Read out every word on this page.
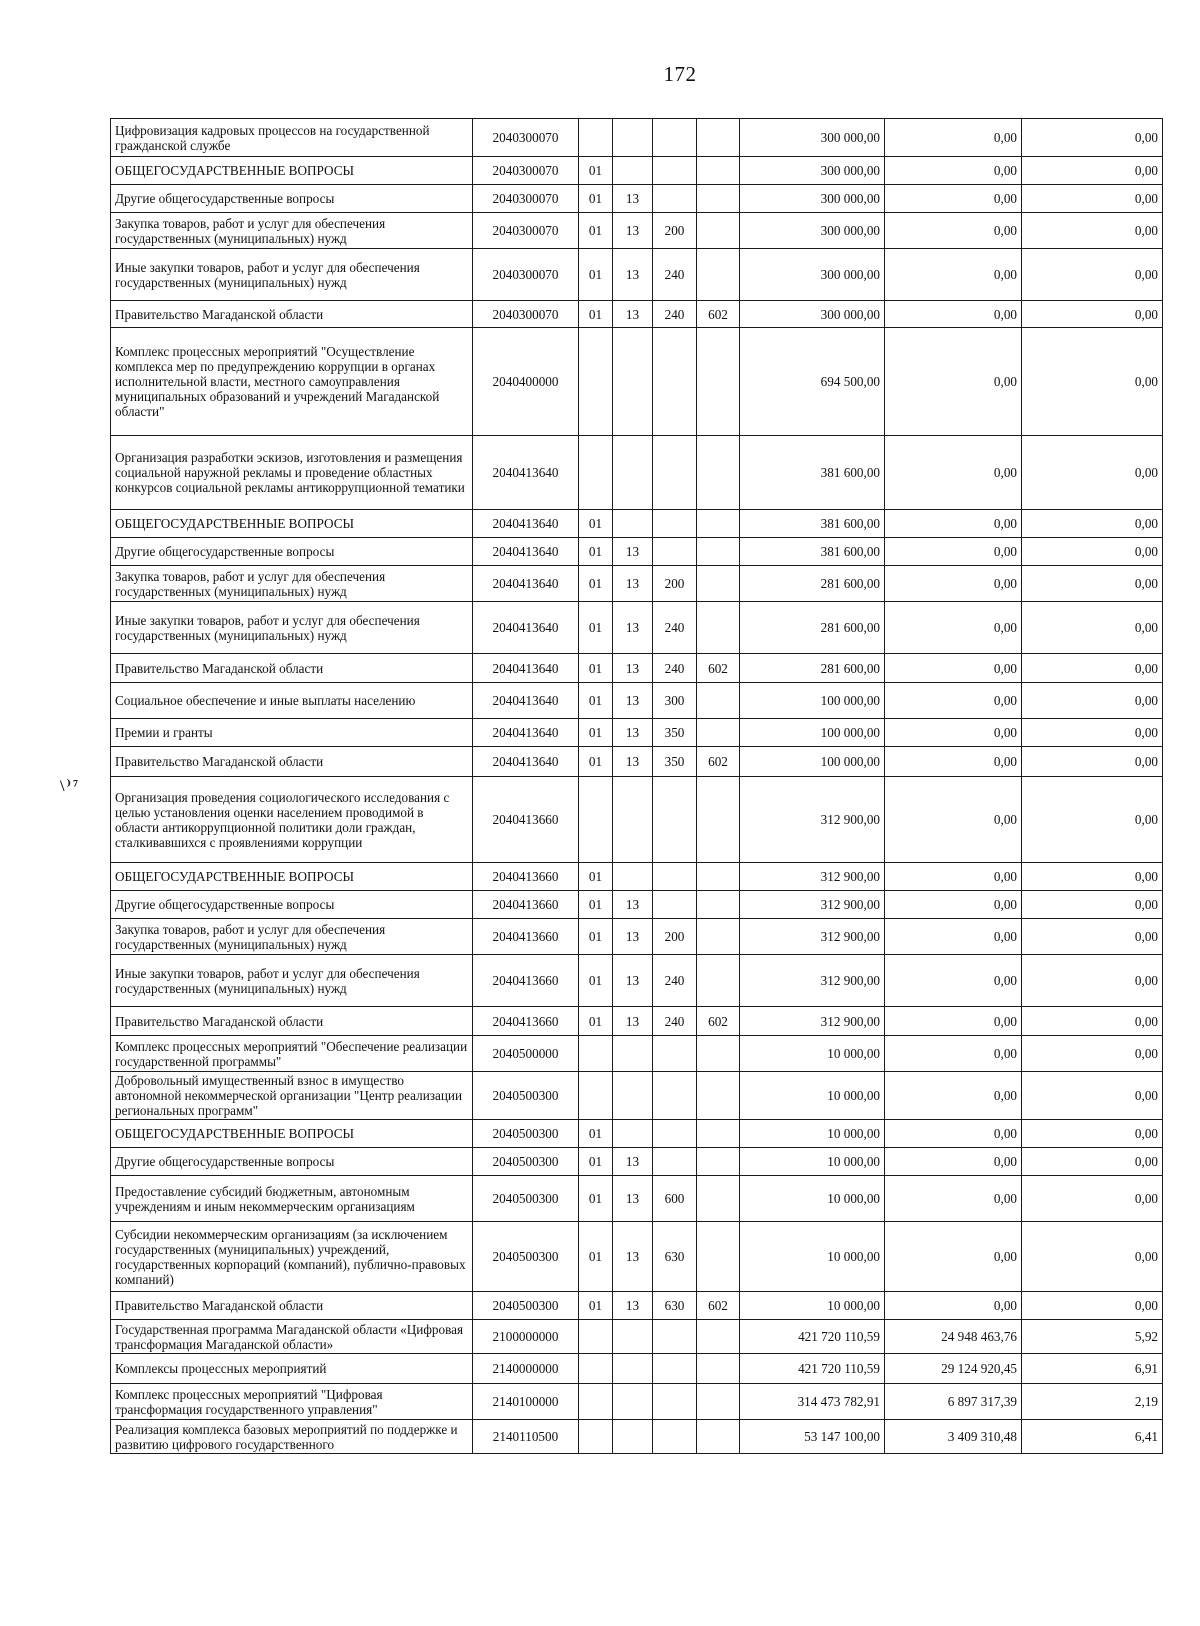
172
\ ⁾ ⁷
Цифровизация кадровых процессов на государственной гражданской службе	2040300070					300 000,00	0,00	0,00
ОБЩЕГОСУДАРСТВЕННЫЕ ВОПРОСЫ	2040300070	01				300 000,00	0,00	0,00
Другие общегосударственные вопросы	2040300070	01	13			300 000,00	0,00	0,00
Закупка товаров, работ и услуг для обеспечения государственных (муниципальных) нужд	2040300070	01	13	200		300 000,00	0,00	0,00
Иные закупки товаров, работ и услуг для обеспечения государственных (муниципальных) нужд	2040300070	01	13	240		300 000,00	0,00	0,00
Правительство Магаданской области	2040300070	01	13	240	602	300 000,00	0,00	0,00
Комплекс процессных мероприятий "Осуществление комплекса мер по предупреждению коррупции в органах исполнительной власти, местного самоуправления муниципальных образований и учреждений Магаданской области"	2040400000					694 500,00	0,00	0,00
Организация разработки эскизов, изготовления и размещения социальной наружной рекламы и проведение областных конкурсов социальной рекламы антикоррупционной тематики	2040413640					381 600,00	0,00	0,00
ОБЩЕГОСУДАРСТВЕННЫЕ ВОПРОСЫ	2040413640	01				381 600,00	0,00	0,00
Другие общегосударственные вопросы	2040413640	01	13			381 600,00	0,00	0,00
Закупка товаров, работ и услуг для обеспечения государственных (муниципальных) нужд	2040413640	01	13	200		281 600,00	0,00	0,00
Иные закупки товаров, работ и услуг для обеспечения государственных (муниципальных) нужд	2040413640	01	13	240		281 600,00	0,00	0,00
Правительство Магаданской области	2040413640	01	13	240	602	281 600,00	0,00	0,00
Социальное обеспечение и иные выплаты населению	2040413640	01	13	300		100 000,00	0,00	0,00
Премии и гранты	2040413640	01	13	350		100 000,00	0,00	0,00
Правительство Магаданской области	2040413640	01	13	350	602	100 000,00	0,00	0,00
Организация проведения социологического исследования с целью установления оценки населением проводимой в области антикоррупционной политики доли граждан, сталкивавшихся с проявлениями коррупции	2040413660					312 900,00	0,00	0,00
ОБЩЕГОСУДАРСТВЕННЫЕ ВОПРОСЫ	2040413660	01				312 900,00	0,00	0,00
Другие общегосударственные вопросы	2040413660	01	13			312 900,00	0,00	0,00
Закупка товаров, работ и услуг для обеспечения государственных (муниципальных) нужд	2040413660	01	13	200		312 900,00	0,00	0,00
Иные закупки товаров, работ и услуг для обеспечения государственных (муниципальных) нужд	2040413660	01	13	240		312 900,00	0,00	0,00
Правительство Магаданской области	2040413660	01	13	240	602	312 900,00	0,00	0,00
Комплекс процессных мероприятий "Обеспечение реализации государственной программы"	2040500000					10 000,00	0,00	0,00
Добровольный имущественный взнос в имущество автономной некоммерческой организации "Центр реализации региональных программ"	2040500300					10 000,00	0,00	0,00
ОБЩЕГОСУДАРСТВЕННЫЕ ВОПРОСЫ	2040500300	01				10 000,00	0,00	0,00
Другие общегосударственные вопросы	2040500300	01	13			10 000,00	0,00	0,00
Предоставление субсидий бюджетным, автономным учреждениям и иным некоммерческим организациям	2040500300	01	13	600		10 000,00	0,00	0,00
Субсидии некоммерческим организациям (за исключением государственных (муниципальных) учреждений, государственных корпораций (компаний), публично-правовых компаний)	2040500300	01	13	630		10 000,00	0,00	0,00
Правительство Магаданской области	2040500300	01	13	630	602	10 000,00	0,00	0,00
Государственная программа Магаданской области «Цифровая трансформация Магаданской области»	2100000000					421 720 110,59	24 948 463,76	5,92
Комплексы процессных мероприятий	2140000000					421 720 110,59	29 124 920,45	6,91
Комплекс процессных мероприятий "Цифровая трансформация государственного управления"	2140100000					314 473 782,91	6 897 317,39	2,19
Реализация комплекса базовых мероприятий по поддержке и развитию цифрового государственного	2140110500					53 147 100,00	3 409 310,48	6,41
